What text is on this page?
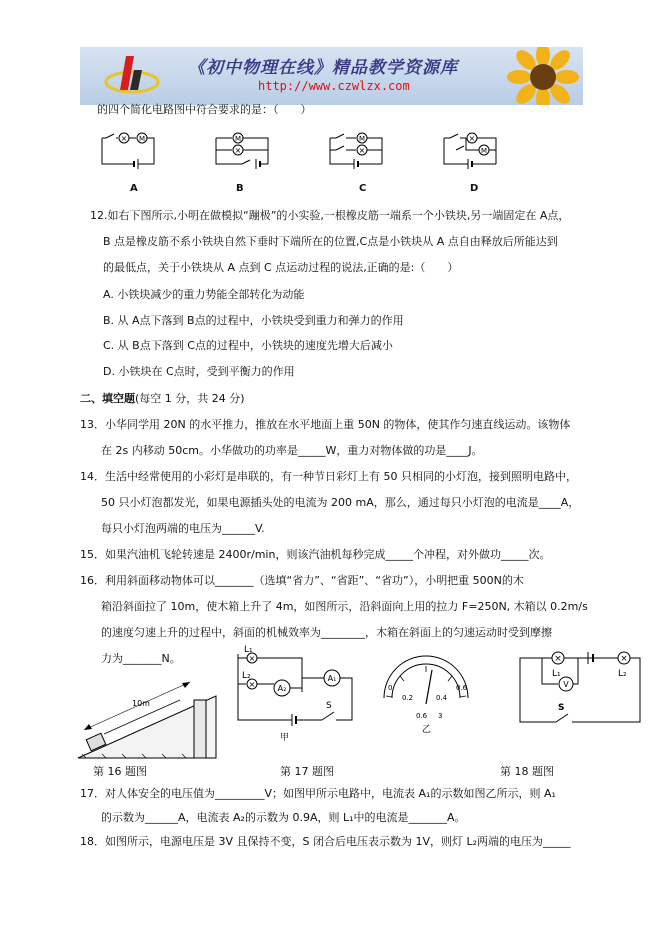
《初中物理在线》精品教学资源库
http://www.czwlzx.com
的四个简化电路图中符合要求的是：（　　）
× M	M
×
M
×
×
M
A	B	C	D
12.如右下图所示,小明在做模拟“蹦极”的小实验,一根橡皮筋一端系一个小铁块,另一端固定在 A点，
B 点是橡皮筋不系小铁块自然下垂时下端所在的位置,C点是小铁块从 A 点自由释放后所能达到
的最低点，关于小铁块从 A 点到 C 点运动过程的说法,正确的是:（　　）
A. 小铁块减少的重力势能全部转化为动能
B. 从 A点下落到 B点的过程中，小铁块受到重力和弹力的作用
C. 从 B点下落到 C点的过程中，小铁块的速度先增大后减小
D. 小铁块在 C点时，受到平衡力的作用
二、填空题(每空 1 分，共 24 分)
13．小华同学用 20N 的水平推力，推放在水平地面上重 50N 的物体，使其作匀速直线运动。该物体
在 2s 内移动 50cm。小华做功的功率是_____W，重力对物体做的功是____J。
14．生活中经常使用的小彩灯是串联的，有一种节日彩灯上有 50 只相同的小灯泡，接到照明电路中，
50 只小灯泡都发光，如果电源插头处的电流为 200 mA，那么，通过每只小灯泡的电流是____A，
每只小灯泡两端的电压为______V.
15．如果汽油机飞轮转速是 2400r/min，则该汽油机每秒完成_____个冲程，对外做功_____次。
16．利用斜面移动物体可以_______（选填“省力”、“省距”、“省功”），小明把重 500N的木
箱沿斜面拉了 10m，使木箱上升了 4m，如图所示，沿斜面向上用的拉力 F=250N, 木箱以 0.2m/s
的速度匀速上升的过程中，斜面的机械效率为________，木箱在斜面上的匀速运动时受到摩擦
力为_______N。
10m
A₁
×
×	A₂
L₁
L₂
S
甲
0
0.2	0.4
0.6
0.6 3
乙
×	×
V
L₁	L₂
S
第 16 题图	第 17 题图	第 18 题图
17．对人体安全的电压值为_________V；如图甲所示电路中，电流表 A₁的示数如图乙所示，则 A₁
的示数为______A，电流表 A₂的示数为 0.9A，则 L₁中的电流是_______A。
18．如图所示，电源电压是 3V 且保持不变，S 闭合后电压表示数为 1V，则灯 L₂两端的电压为_____
